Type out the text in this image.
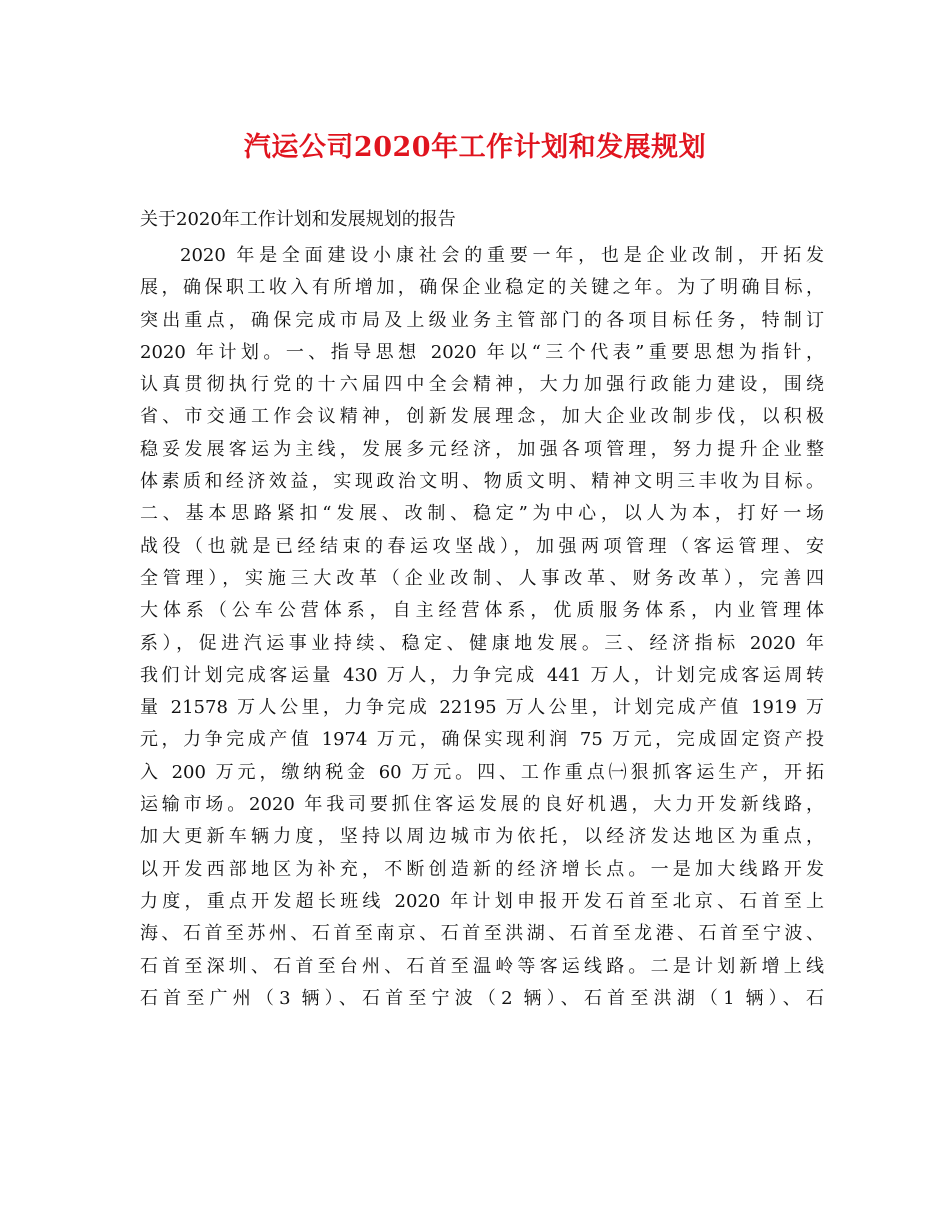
汽运公司2020年工作计划和发展规划
关于2020年工作计划和发展规划的报告
2020 年是全面建设小康社会的重要一年，也是企业改制，开拓发
展，确保职工收入有所增加，确保企业稳定的关键之年。为了明确目标，
突出重点，确保完成市局及上级业务主管部门的各项目标任务，特制订
2020 年计划。一、指导思想 2020 年以“三个代表”重要思想为指针，
认真贯彻执行党的十六届四中全会精神，大力加强行政能力建设，围绕
省、市交通工作会议精神，创新发展理念，加大企业改制步伐，以积极
稳妥发展客运为主线，发展多元经济，加强各项管理，努力提升企业整
体素质和经济效益，实现政治文明、物质文明、精神文明三丰收为目标。
二、基本思路紧扣“发展、改制、稳定”为中心，以人为本，打好一场
战役（也就是已经结束的春运攻坚战），加强两项管理（客运管理、安
全管理），实施三大改革（企业改制、人事改革、财务改革），完善四
大体系（公车公营体系，自主经营体系，优质服务体系，内业管理体
系），促进汽运事业持续、稳定、健康地发展。三、经济指标 2020 年
我们计划完成客运量 430 万人，力争完成 441 万人，计划完成客运周转
量 21578 万人公里，力争完成 22195 万人公里，计划完成产值 1919 万
元，力争完成产值 1974 万元，确保实现利润 75 万元，完成固定资产投
入 200 万元，缴纳税金 60 万元。四、工作重点㈠狠抓客运生产，开拓
运输市场。2020 年我司要抓住客运发展的良好机遇，大力开发新线路，
加大更新车辆力度，坚持以周边城市为依托，以经济发达地区为重点，
以开发西部地区为补充，不断创造新的经济增长点。一是加大线路开发
力度，重点开发超长班线 2020 年计划申报开发石首至北京、石首至上
海、石首至苏州、石首至南京、石首至洪湖、石首至龙港、石首至宁波、
石首至深圳、石首至台州、石首至温岭等客运线路。二是计划新增上线
石首至广州（3 辆）、石首至宁波（2 辆）、石首至洪湖（1 辆）、石
